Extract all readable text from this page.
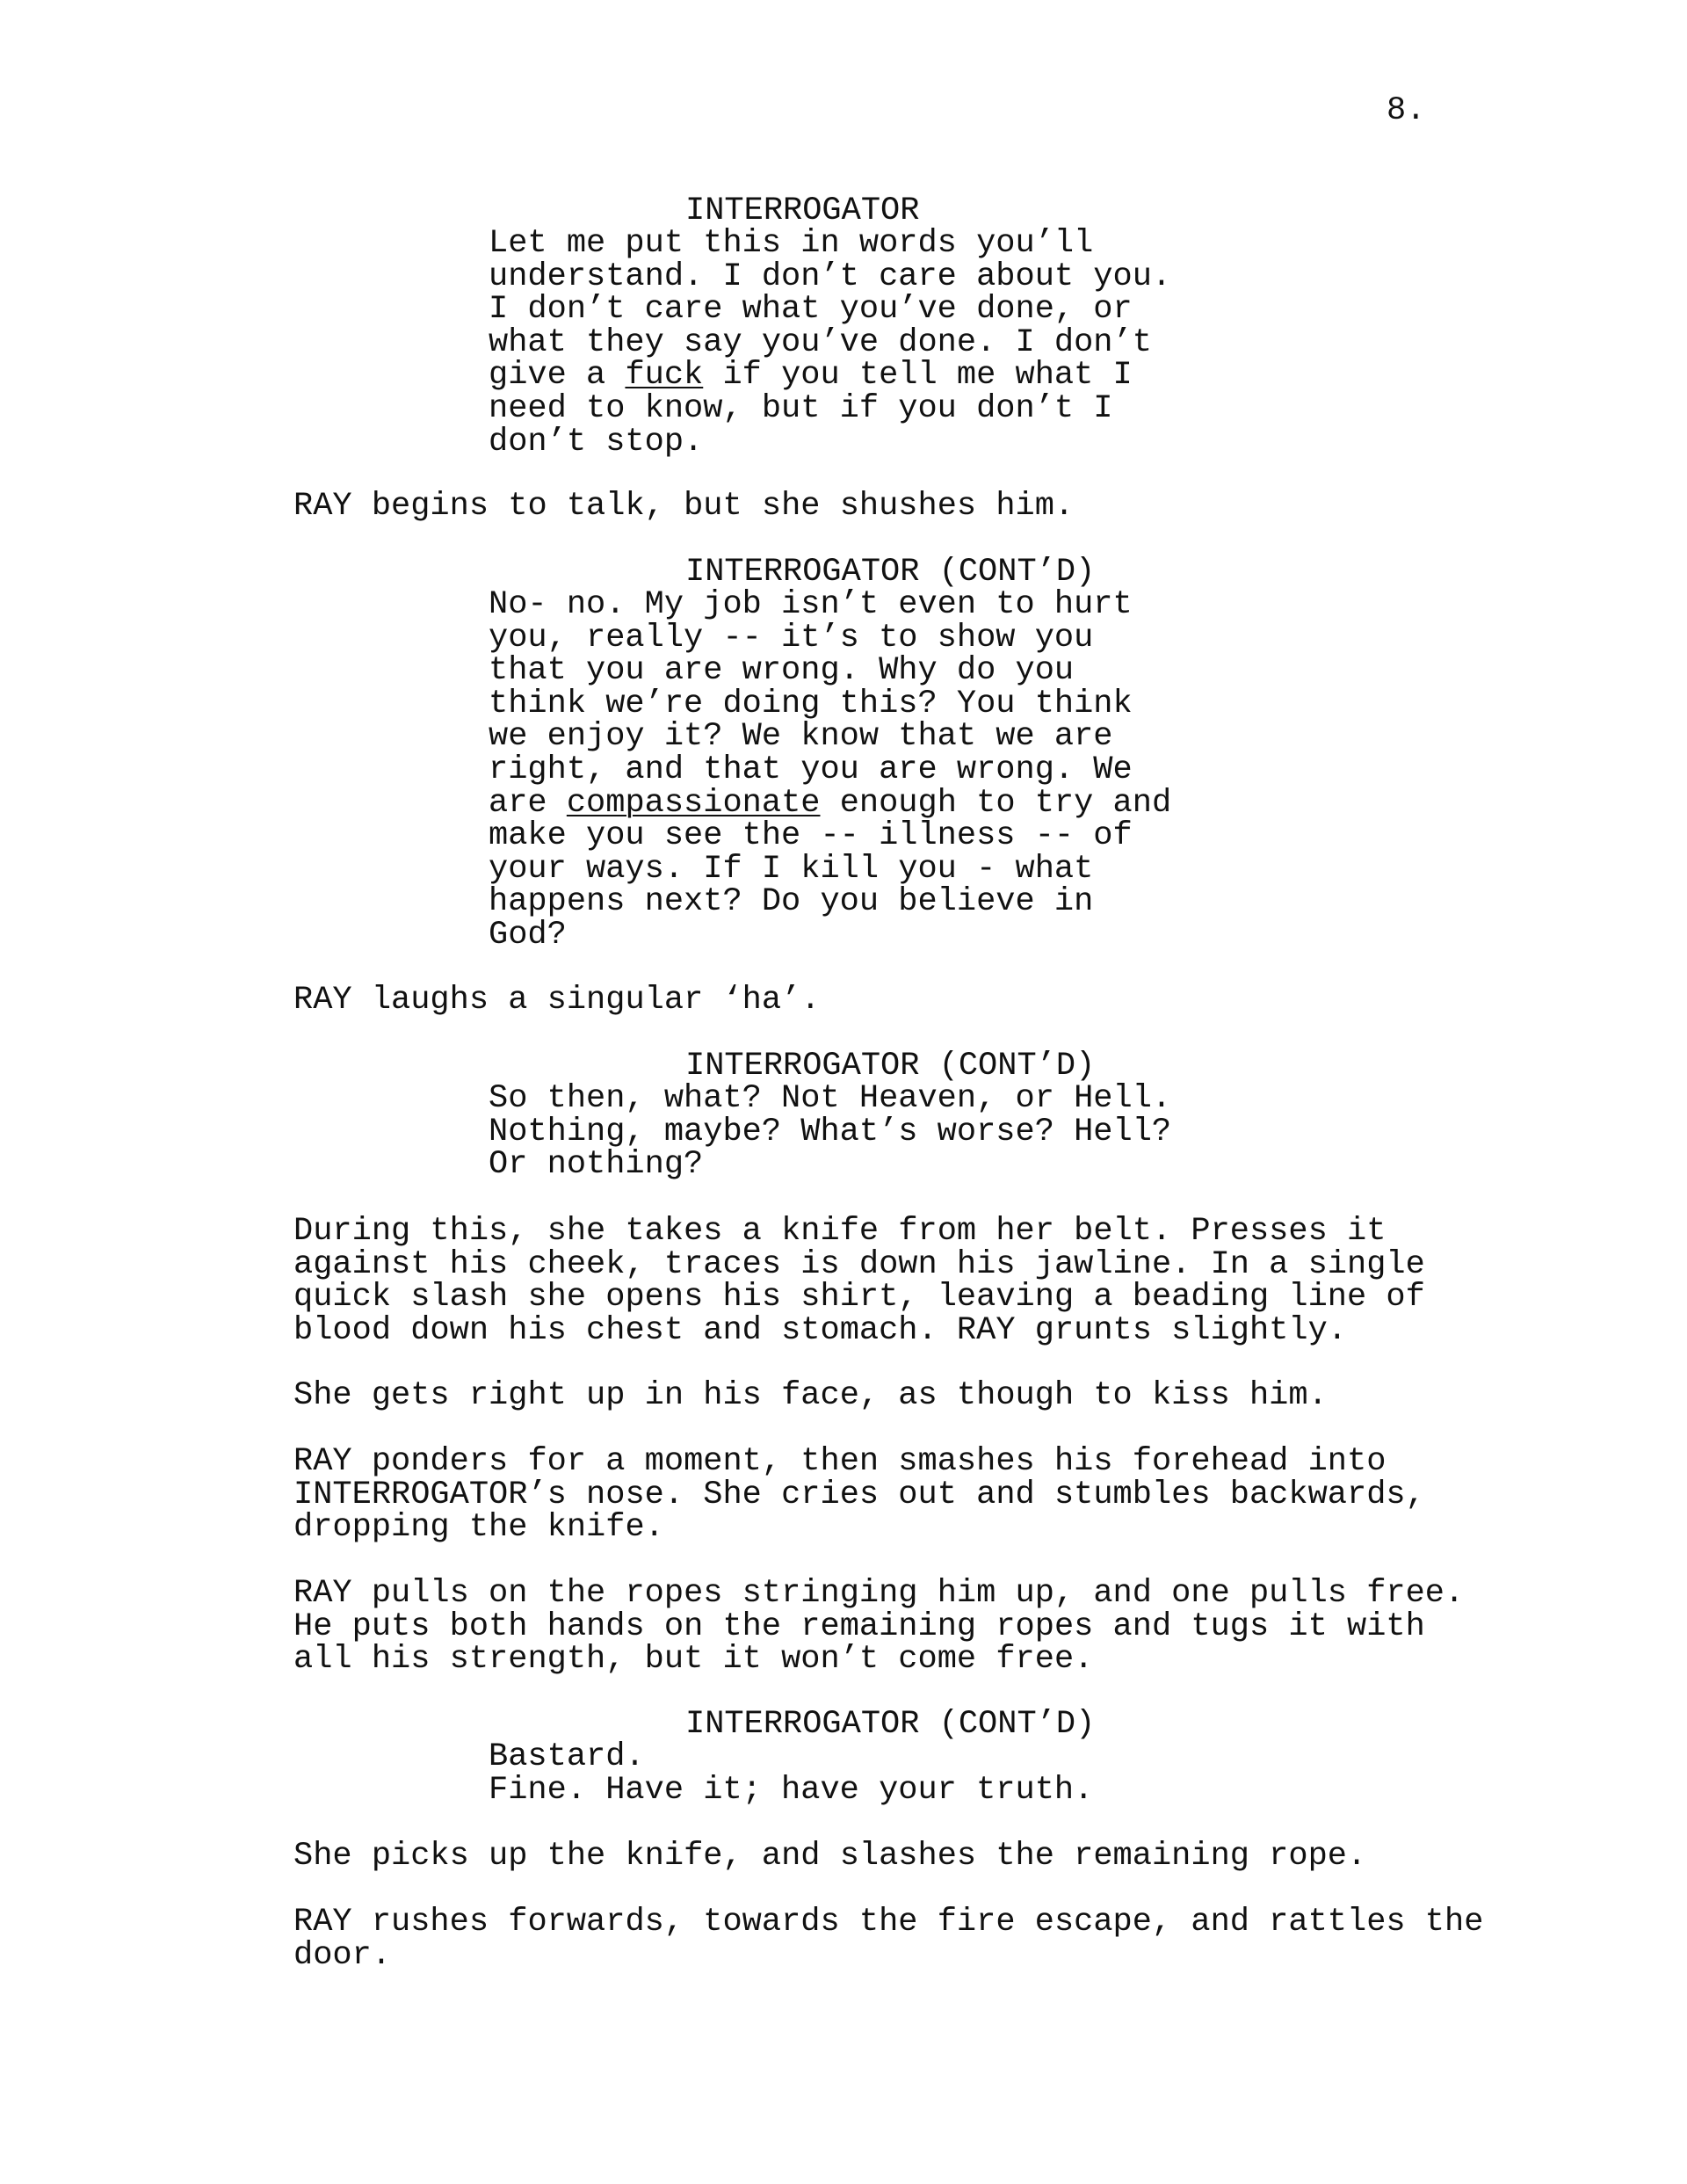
8.
INTERROGATOR
Let me put this in words you’ll
understand. I don’t care about you.
I don’t care what you’ve done, or
what they say you’ve done. I don’t
give a fuck if you tell me what I
need to know, but if you don’t I
don’t stop.
RAY begins to talk, but she shushes him.
INTERROGATOR (CONT’D)
No- no. My job isn’t even to hurt
you, really -- it’s to show you
that you are wrong. Why do you
think we’re doing this? You think
we enjoy it? We know that we are
right, and that you are wrong. We
are compassionate enough to try and
make you see the -- illness -- of
your ways. If I kill you - what
happens next? Do you believe in
God?
RAY laughs a singular ‘ha’.
INTERROGATOR (CONT’D)
So then, what? Not Heaven, or Hell.
Nothing, maybe? What’s worse? Hell?
Or nothing?
During this, she takes a knife from her belt. Presses it
against his cheek, traces is down his jawline. In a single
quick slash she opens his shirt, leaving a beading line of
blood down his chest and stomach. RAY grunts slightly.
She gets right up in his face, as though to kiss him.
RAY ponders for a moment, then smashes his forehead into
INTERROGATOR’s nose. She cries out and stumbles backwards,
dropping the knife.
RAY pulls on the ropes stringing him up, and one pulls free.
He puts both hands on the remaining ropes and tugs it with
all his strength, but it won’t come free.
INTERROGATOR (CONT’D)
Bastard.
Fine. Have it; have your truth.
She picks up the knife, and slashes the remaining rope.
RAY rushes forwards, towards the fire escape, and rattles the
door.
